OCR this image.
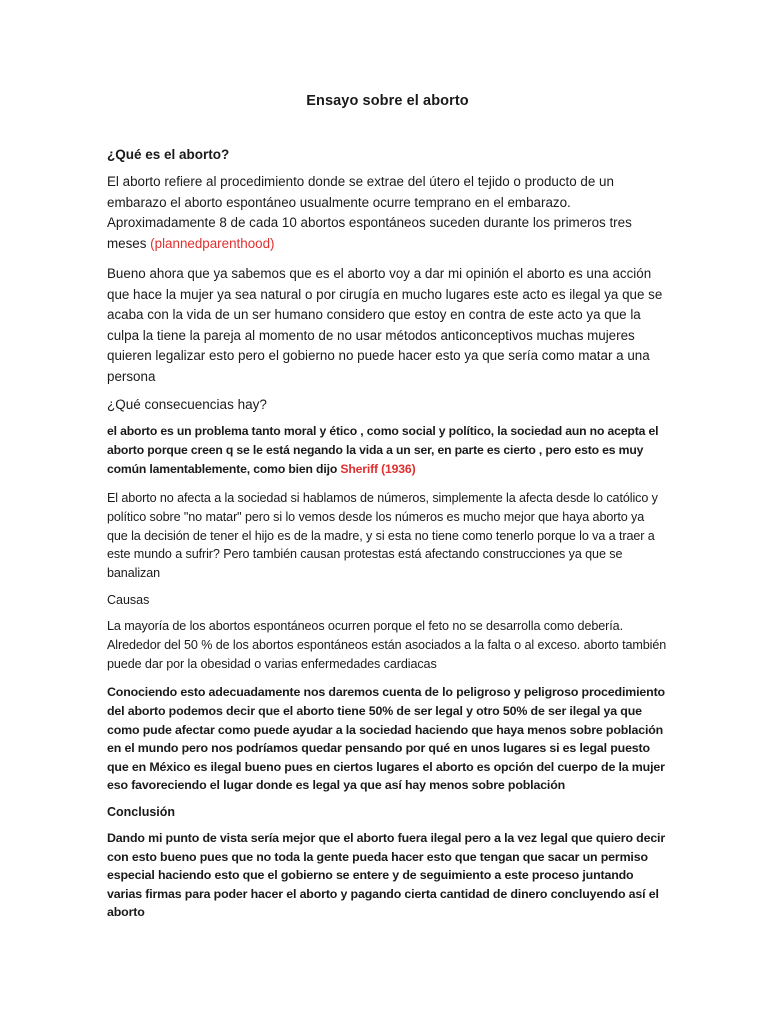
Ensayo sobre el aborto
¿Qué es el aborto?

El aborto refiere al procedimiento donde se extrae del útero el tejido o producto de un embarazo el aborto espontáneo usualmente ocurre temprano en el embarazo. Aproximadamente 8 de cada 10 abortos espontáneos suceden durante los primeros tres meses (plannedparenthood)

Bueno ahora que ya sabemos que es el aborto voy a dar mi opinión el aborto es una acción que hace la mujer ya sea natural o por cirugía en mucho lugares este acto es ilegal ya que se acaba con la vida de un ser humano considero que estoy en contra de este acto ya que la culpa la tiene la pareja al momento de no usar métodos anticonceptivos muchas mujeres quieren legalizar esto pero el gobierno no puede hacer esto ya que sería como matar a una persona

¿Qué consecuencias hay?

el aborto es un problema tanto moral y ético , como social y político, la sociedad aun no acepta el aborto porque creen q se le está negando la vida a un ser, en parte es cierto , pero esto es muy común lamentablemente, como bien dijo Sheriff (1936)

El aborto no afecta a la sociedad si hablamos de números, simplemente la afecta desde lo católico y político sobre "no matar" pero si lo vemos desde los números es mucho mejor que haya aborto ya que la decisión de tener el hijo es de la madre, y si esta no tiene como tenerlo porque lo va a traer a este mundo a sufrir? Pero también causan protestas está afectando construcciones ya que se banalizan

Causas

La mayoría de los abortos espontáneos ocurren porque el feto no se desarrolla como debería. Alrededor del 50 % de los abortos espontáneos están asociados a la falta o al exceso. aborto también puede dar por la obesidad o varias enfermedades cardiacas

Conociendo esto adecuadamente nos daremos cuenta de lo peligroso y peligroso procedimiento del aborto podemos decir que el aborto tiene 50% de ser legal y otro 50% de ser ilegal ya que como pude afectar como puede ayudar a la sociedad haciendo que haya menos sobre población en el mundo pero nos podríamos quedar pensando por qué en unos lugares si es legal puesto que en México es ilegal bueno pues en ciertos lugares el aborto es opción del cuerpo de la mujer eso favoreciendo el lugar donde es legal ya que así hay menos sobre población

Conclusión

Dando mi punto de vista sería mejor que el aborto fuera ilegal pero a la vez legal que quiero decir con esto bueno pues que no toda la gente pueda hacer esto que tengan que sacar un permiso especial haciendo esto que el gobierno se entere y de seguimiento a este proceso juntando varias firmas para poder hacer el aborto y pagando cierta cantidad de dinero concluyendo así el aborto
